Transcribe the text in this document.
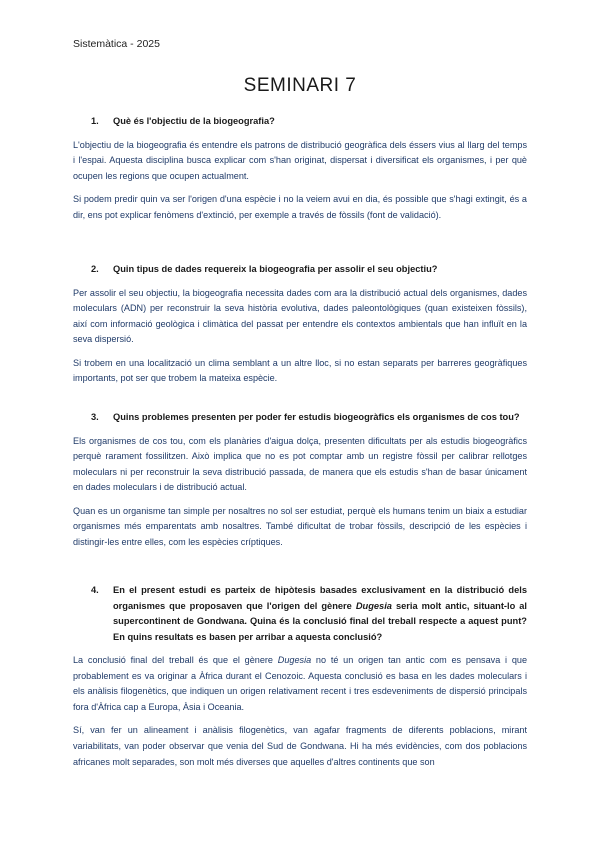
Sistemàtica - 2025
SEMINARI 7
1.	Què és l'objectiu de la biogeografia?

L'objectiu de la biogeografia és entendre els patrons de distribució geogràfica dels éssers vius al llarg del temps i l'espai. Aquesta disciplina busca explicar com s'han originat, dispersat i diversificat els organismes, i per què ocupen les regions que ocupen actualment.

Si podem predir quin va ser l'origen d'una espècie i no la veiem avui en dia, és possible que s'hagi extingit, és a dir, ens pot explicar fenòmens d'extinció, per exemple a través de fòssils (font de validació).

2.	Quin tipus de dades requereix la biogeografia per assolir el seu objectiu?

Per assolir el seu objectiu, la biogeografia necessita dades com ara la distribució actual dels organismes, dades moleculars (ADN) per reconstruir la seva història evolutiva, dades paleontològiques (quan existeixen fòssils), així com informació geològica i climàtica del passat per entendre els contextos ambientals que han influït en la seva dispersió.

Si trobem en una localització un clima semblant a un altre lloc, si no estan separats per barreres geogràfiques importants, pot ser que trobem la mateixa espècie.

3.	Quins problemes presenten per poder fer estudis biogeogràfics els organismes de cos tou?

Els organismes de cos tou, com els planàries d'aigua dolça, presenten dificultats per als estudis biogeogràfics perquè rarament fossilitzen. Això implica que no es pot comptar amb un registre fòssil per calibrar rellotges moleculars ni per reconstruir la seva distribució passada, de manera que els estudis s'han de basar únicament en dades moleculars i de distribució actual.

Quan es un organisme tan simple per nosaltres no sol ser estudiat, perquè els humans tenim un biaix a estudiar organismes més emparentats amb nosaltres. També dificultat de trobar fòssils, descripció de les espècies i distingir-les entre elles, com les espècies críptiques.

4.	En el present estudi es parteix de hipòtesis basades exclusivament en la distribució dels organismes que proposaven que l'origen del gènere Dugesia seria molt antic, situant-lo al supercontinent de Gondwana. Quina és la conclusió final del treball respecte a aquest punt? En quins resultats es basen per arribar a aquesta conclusió?

La conclusió final del treball és que el gènere Dugesia no té un origen tan antic com es pensava i que probablement es va originar a Àfrica durant el Cenozoic. Aquesta conclusió es basa en les dades moleculars i els anàlisis filogenètics, que indiquen un origen relativament recent i tres esdeveniments de dispersió principals fora d'Àfrica cap a Europa, Àsia i Oceania.

Sí, van fer un alineament i anàlisis filogenètics, van agafar fragments de diferents poblacions, mirant variabilitats, van poder observar que venia del Sud de Gondwana. Hi ha més evidències, com dos poblacions africanes molt separades, son molt més diverses que aquelles d'altres continents que son
